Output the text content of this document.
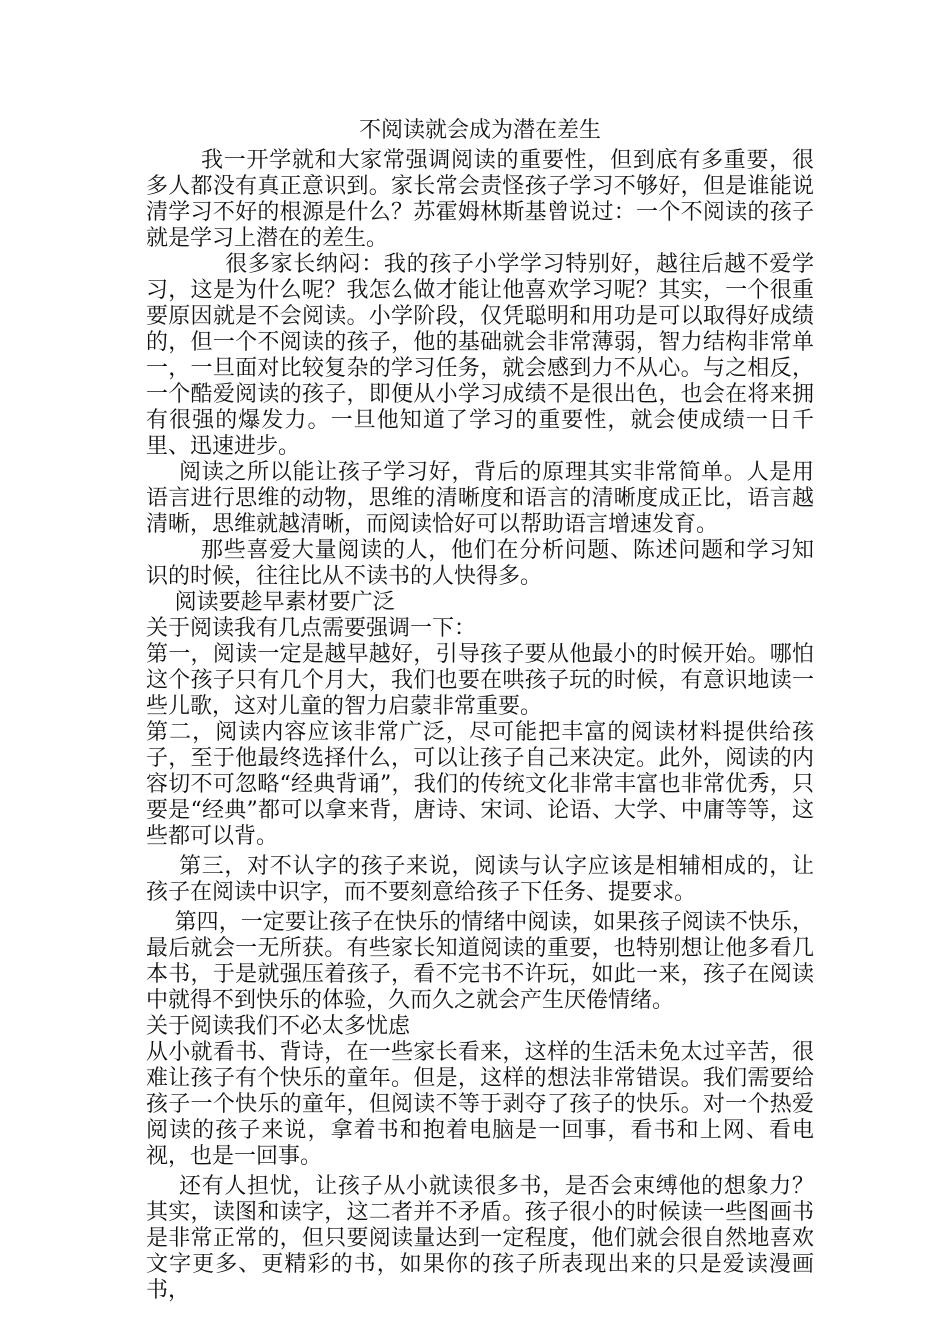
不阅读就会成为潜在差生

我一开学就和大家常强调阅读的重要性，但到底有多重要，很多人都没有真正意识到。家长常会责怪孩子学习不够好，但是谁能说清学习不好的根源是什么？苏霍姆林斯基曾说过：一个不阅读的孩子就是学习上潜在的差生。

很多家长纳闷：我的孩子小学学习特别好，越往后越不爱学习，这是为什么呢？我怎么做才能让他喜欢学习呢？其实，一个很重要原因就是不会阅读。小学阶段，仅凭聪明和用功是可以取得好成绩的，但一个不阅读的孩子，他的基础就会非常薄弱，智力结构非常单一，一旦面对比较复杂的学习任务，就会感到力不从心。与之相反，一个酷爱阅读的孩子，即便从小学习成绩不是很出色，也会在将来拥有很强的爆发力。一旦他知道了学习的重要性，就会使成绩一日千里、迅速进步。

阅读之所以能让孩子学习好，背后的原理其实非常简单。人是用语言进行思维的动物，思维的清晰度和语言的清晰度成正比，语言越清晰，思维就越清晰，而阅读恰好可以帮助语言增速发育。

那些喜爱大量阅读的人，他们在分析问题、陈述问题和学习知识的时候，往往比从不读书的人快得多。

阅读要趁早素材要广泛

关于阅读我有几点需要强调一下：

第一，阅读一定是越早越好，引导孩子要从他最小的时候开始。哪怕这个孩子只有几个月大，我们也要在哄孩子玩的时候，有意识地读一些儿歌，这对儿童的智力启蒙非常重要。

第二，阅读内容应该非常广泛，尽可能把丰富的阅读材料提供给孩子，至于他最终选择什么，可以让孩子自己来决定。此外，阅读的内容切不可忽略“经典背诵”，我们的传统文化非常丰富也非常优秀，只要是“经典”都可以拿来背，唐诗、宋词、论语、大学、中庸等等，这些都可以背。

第三，对不认字的孩子来说，阅读与认字应该是相辅相成的，让孩子在阅读中识字，而不要刻意给孩子下任务、提要求。

第四，一定要让孩子在快乐的情绪中阅读，如果孩子阅读不快乐，最后就会一无所获。有些家长知道阅读的重要，也特别想让他多看几本书，于是就强压着孩子，看不完书不许玩，如此一来，孩子在阅读中就得不到快乐的体验，久而久之就会产生厌倦情绪。

关于阅读我们不必太多忧虑

从小就看书、背诗，在一些家长看来，这样的生活未免太过辛苦，很难让孩子有个快乐的童年。但是，这样的想法非常错误。我们需要给孩子一个快乐的童年，但阅读不等于剥夺了孩子的快乐。对一个热爱阅读的孩子来说，拿着书和抱着电脑是一回事，看书和上网、看电视，也是一回事。

还有人担忧，让孩子从小就读很多书，是否会束缚他的想象力？其实，读图和读字，这二者并不矛盾。孩子很小的时候读一些图画书是非常正常的，但只要阅读量达到一定程度，他们就会很自然地喜欢文字更多、更精彩的书，如果你的孩子所表现出来的只是爱读漫画书，
